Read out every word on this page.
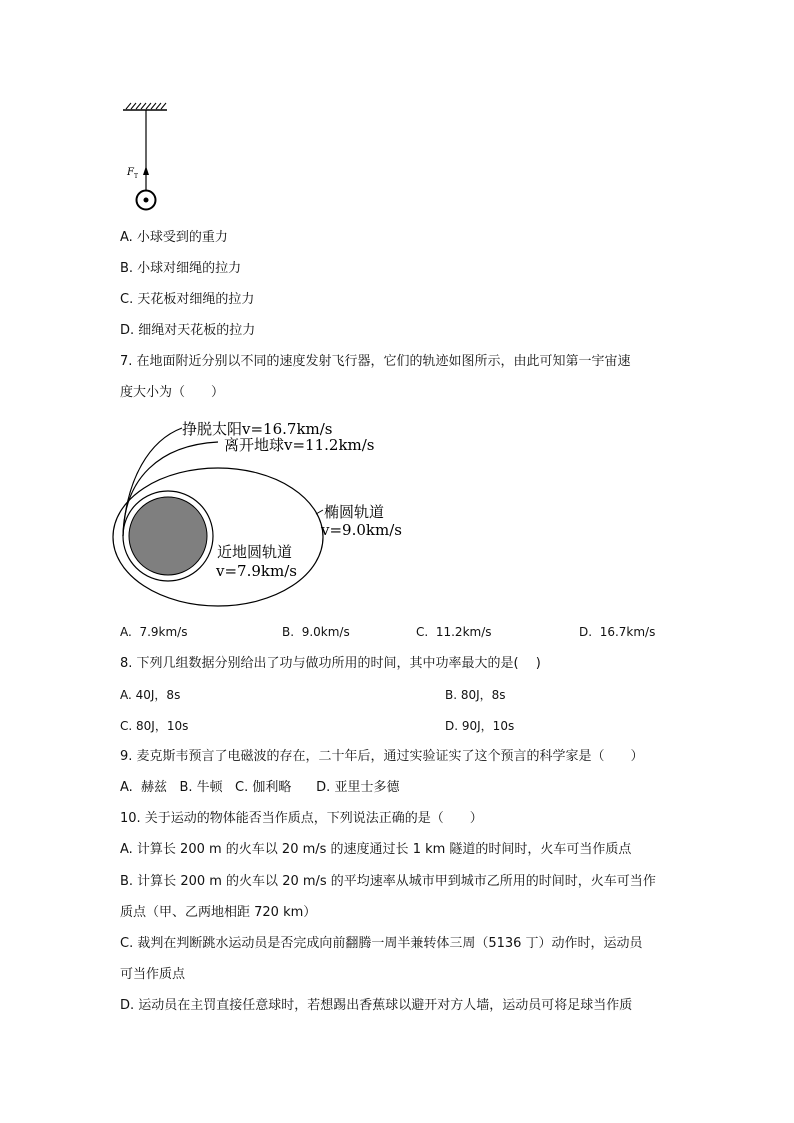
F T
A. 小球受到的重力
B. 小球对细绳的拉力
C. 天花板对细绳的拉力
D. 细绳对天花板的拉力
7. 在地面附近分别以不同的速度发射飞行器，它们的轨迹如图所示，由此可知第一宇宙速
度大小为（　　）
挣脱太阳v=16.7km/s
离开地球v=11.2km/s
椭圆轨道
v=9.0km/s
近地圆轨道
v=7.9km/s
A. 7.9km/s	B. 9.0km/s	C. 11.2km/s	D. 16.7km/s
8. 下列几组数据分别给出了功与做功所用的时间，其中功率最大的是(　 )
A. 40J，8s	B. 80J，8s
C. 80J，10s	D. 90J，10s
9. 麦克斯韦预言了电磁波的存在，二十年后，通过实验证实了这个预言的科学家是（　　）
A.  赫兹   B. 牛顿   C. 伽利略      D. 亚里士多德
10. 关于运动的物体能否当作质点，下列说法正确的是（　　）
A. 计算长 200 m 的火车以 20 m/s 的速度通过长 1 km 隧道的时间时，火车可当作质点
B. 计算长 200 m 的火车以 20 m/s 的平均速率从城市甲到城市乙所用的时间时，火车可当作
质点（甲、乙两地相距 720 km）
C. 裁判在判断跳水运动员是否完成向前翻腾一周半兼转体三周（5136 丁）动作时，运动员
可当作质点
D. 运动员在主罚直接任意球时，若想踢出香蕉球以避开对方人墙，运动员可将足球当作质
